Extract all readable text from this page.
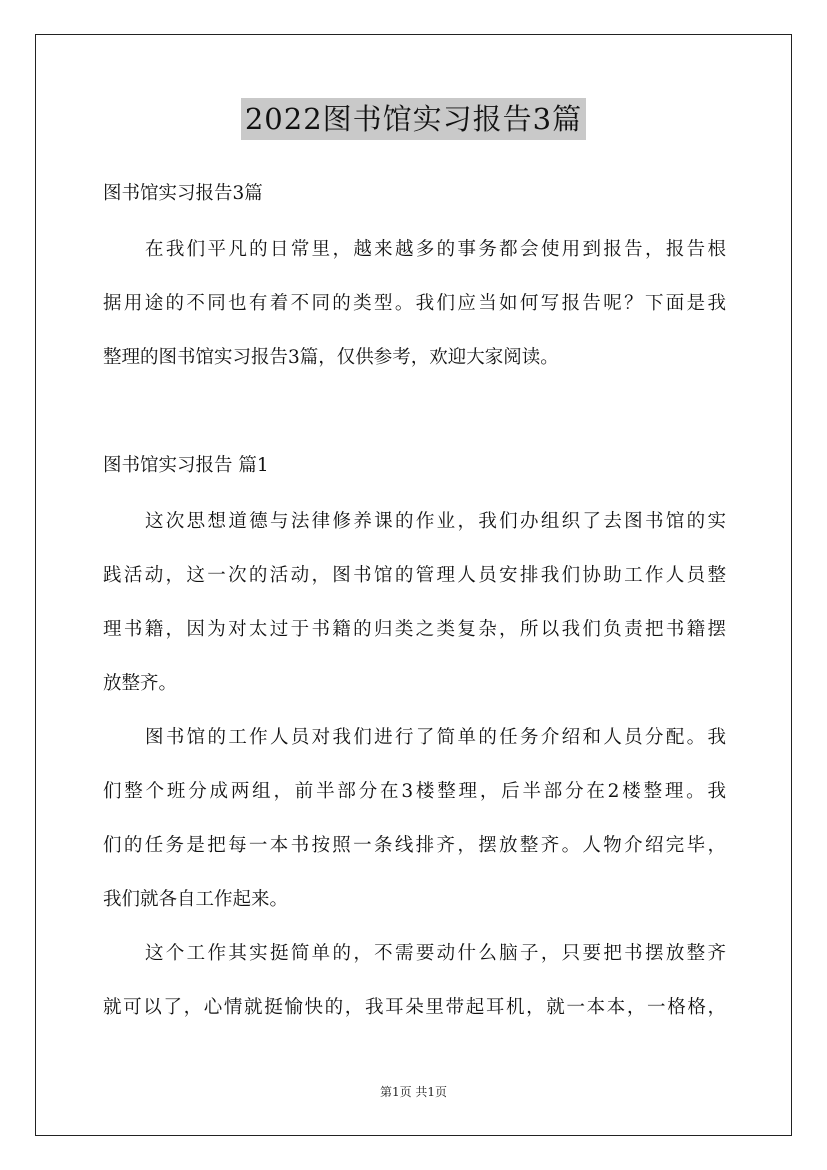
2022图书馆实习报告3篇

图书馆实习报告3篇

在我们平凡的日常里，越来越多的事务都会使用到报告，报告根

据用途的不同也有着不同的类型。我们应当如何写报告呢？下面是我

整理的图书馆实习报告3篇，仅供参考，欢迎大家阅读。

图书馆实习报告 篇1

这次思想道德与法律修养课的作业，我们办组织了去图书馆的实

践活动，这一次的活动，图书馆的管理人员安排我们协助工作人员整

理书籍，因为对太过于书籍的归类之类复杂，所以我们负责把书籍摆

放整齐。

图书馆的工作人员对我们进行了简单的任务介绍和人员分配。我

们整个班分成两组，前半部分在3楼整理，后半部分在2楼整理。我

们的任务是把每一本书按照一条线排齐，摆放整齐。人物介绍完毕，

我们就各自工作起来。

这个工作其实挺简单的，不需要动什么脑子，只要把书摆放整齐

就可以了，心情就挺愉快的，我耳朵里带起耳机，就一本本，一格格，

第1页 共1页
